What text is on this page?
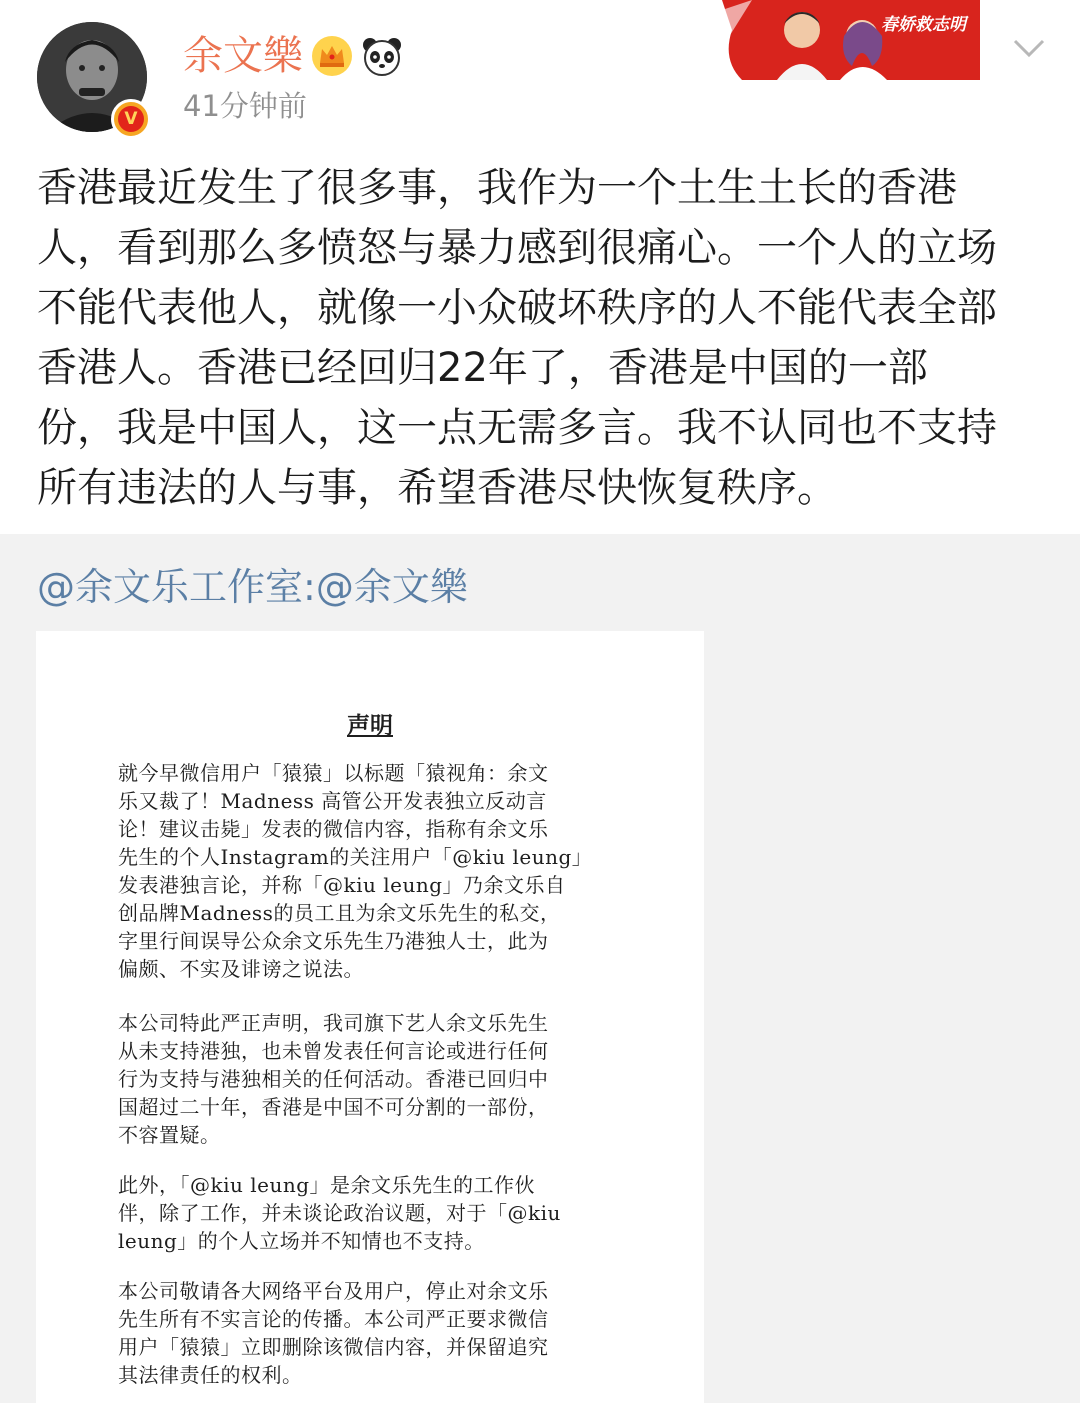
V
余文樂
41分钟前
春娇救志明
香港最近发生了很多事，我作为一个土生土长的香港
人，看到那么多愤怒与暴力感到很痛心。一个人的立场
不能代表他人，就像一小众破坏秩序的人不能代表全部
香港人。香港已经回归22年了，香港是中国的一部
份，我是中国人，这一点无需多言。我不认同也不支持
所有违法的人与事，希望香港尽快恢复秩序。
@余文乐工作室:@余文樂
声明
就今早微信用户「猿猿」以标题「猿视角：余文
乐又裁了！Madness 高管公开发表独立反动言
论！建议击毙」发表的微信内容，指称有余文乐
先生的个人Instagram的关注用户「@kiu leung」
发表港独言论，并称「@kiu leung」乃余文乐自
创品牌Madness的员工且为余文乐先生的私交，
字里行间误导公众余文乐先生乃港独人士，此为
偏颇、不实及诽谤之说法。
本公司特此严正声明，我司旗下艺人余文乐先生
从未支持港独，也未曾发表任何言论或进行任何
行为支持与港独相关的任何活动。香港已回归中
国超过二十年，香港是中国不可分割的一部份，
不容置疑。
此外，「@kiu leung」是余文乐先生的工作伙
伴，除了工作，并未谈论政治议题，对于「@kiu
leung」的个人立场并不知情也不支持。
本公司敬请各大网络平台及用户，停止对余文乐
先生所有不实言论的传播。本公司严正要求微信
用户「猿猿」立即删除该微信内容，并保留追究
其法律责任的权利。
